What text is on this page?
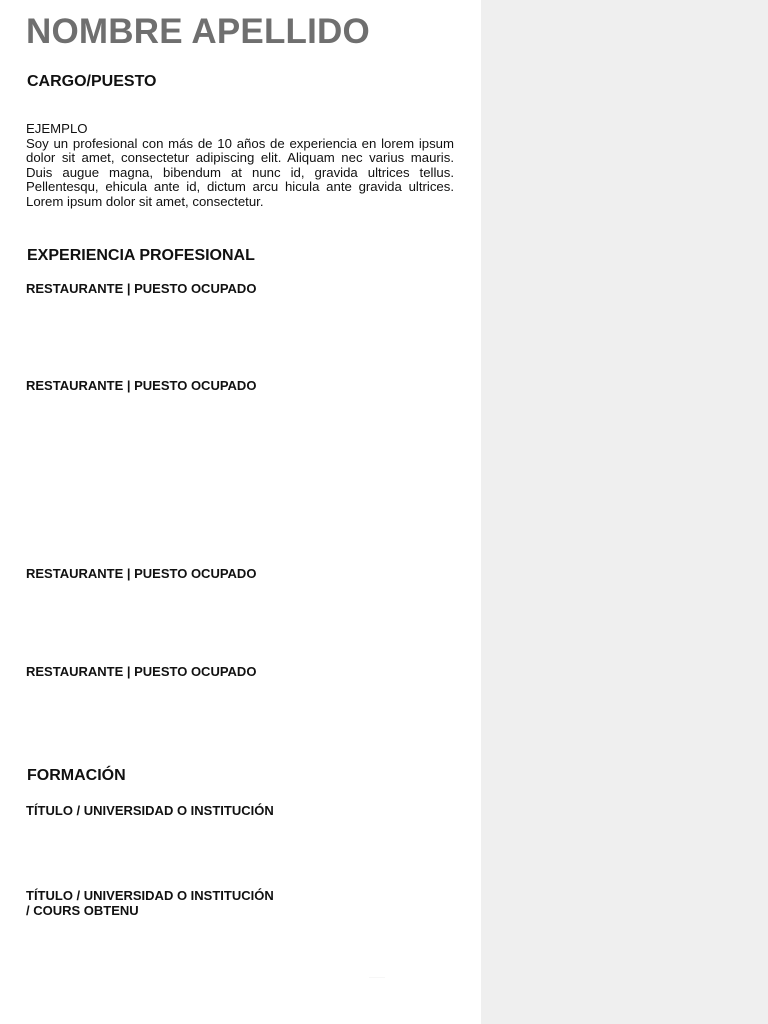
NOMBRE APELLIDO
CARGO/PUESTO
EJEMPLO
Soy un profesional con más de 10 años de experiencia en lorem ipsum dolor sit amet, consectetur adipiscing elit. Aliquam nec varius mauris. Duis augue magna, bibendum at nunc id, gravida ultrices tellus. Pellentesqu, ehicula ante id, dictum arcu hicula ante gravida ultrices. Lorem ipsum dolor sit amet, consectetur.
EXPERIENCIA PROFESIONAL

RESTAURANTE | PUESTO OCUPADO

RESTAURANTE | PUESTO OCUPADO

RESTAURANTE | PUESTO OCUPADO

RESTAURANTE | PUESTO OCUPADO

FORMACIÓN
TÍTULO / UNIVERSIDAD O INSTITUCIÓN
TÍTULO / UNIVERSIDAD O INSTITUCIÓN
/ COURS OBTENU
················
